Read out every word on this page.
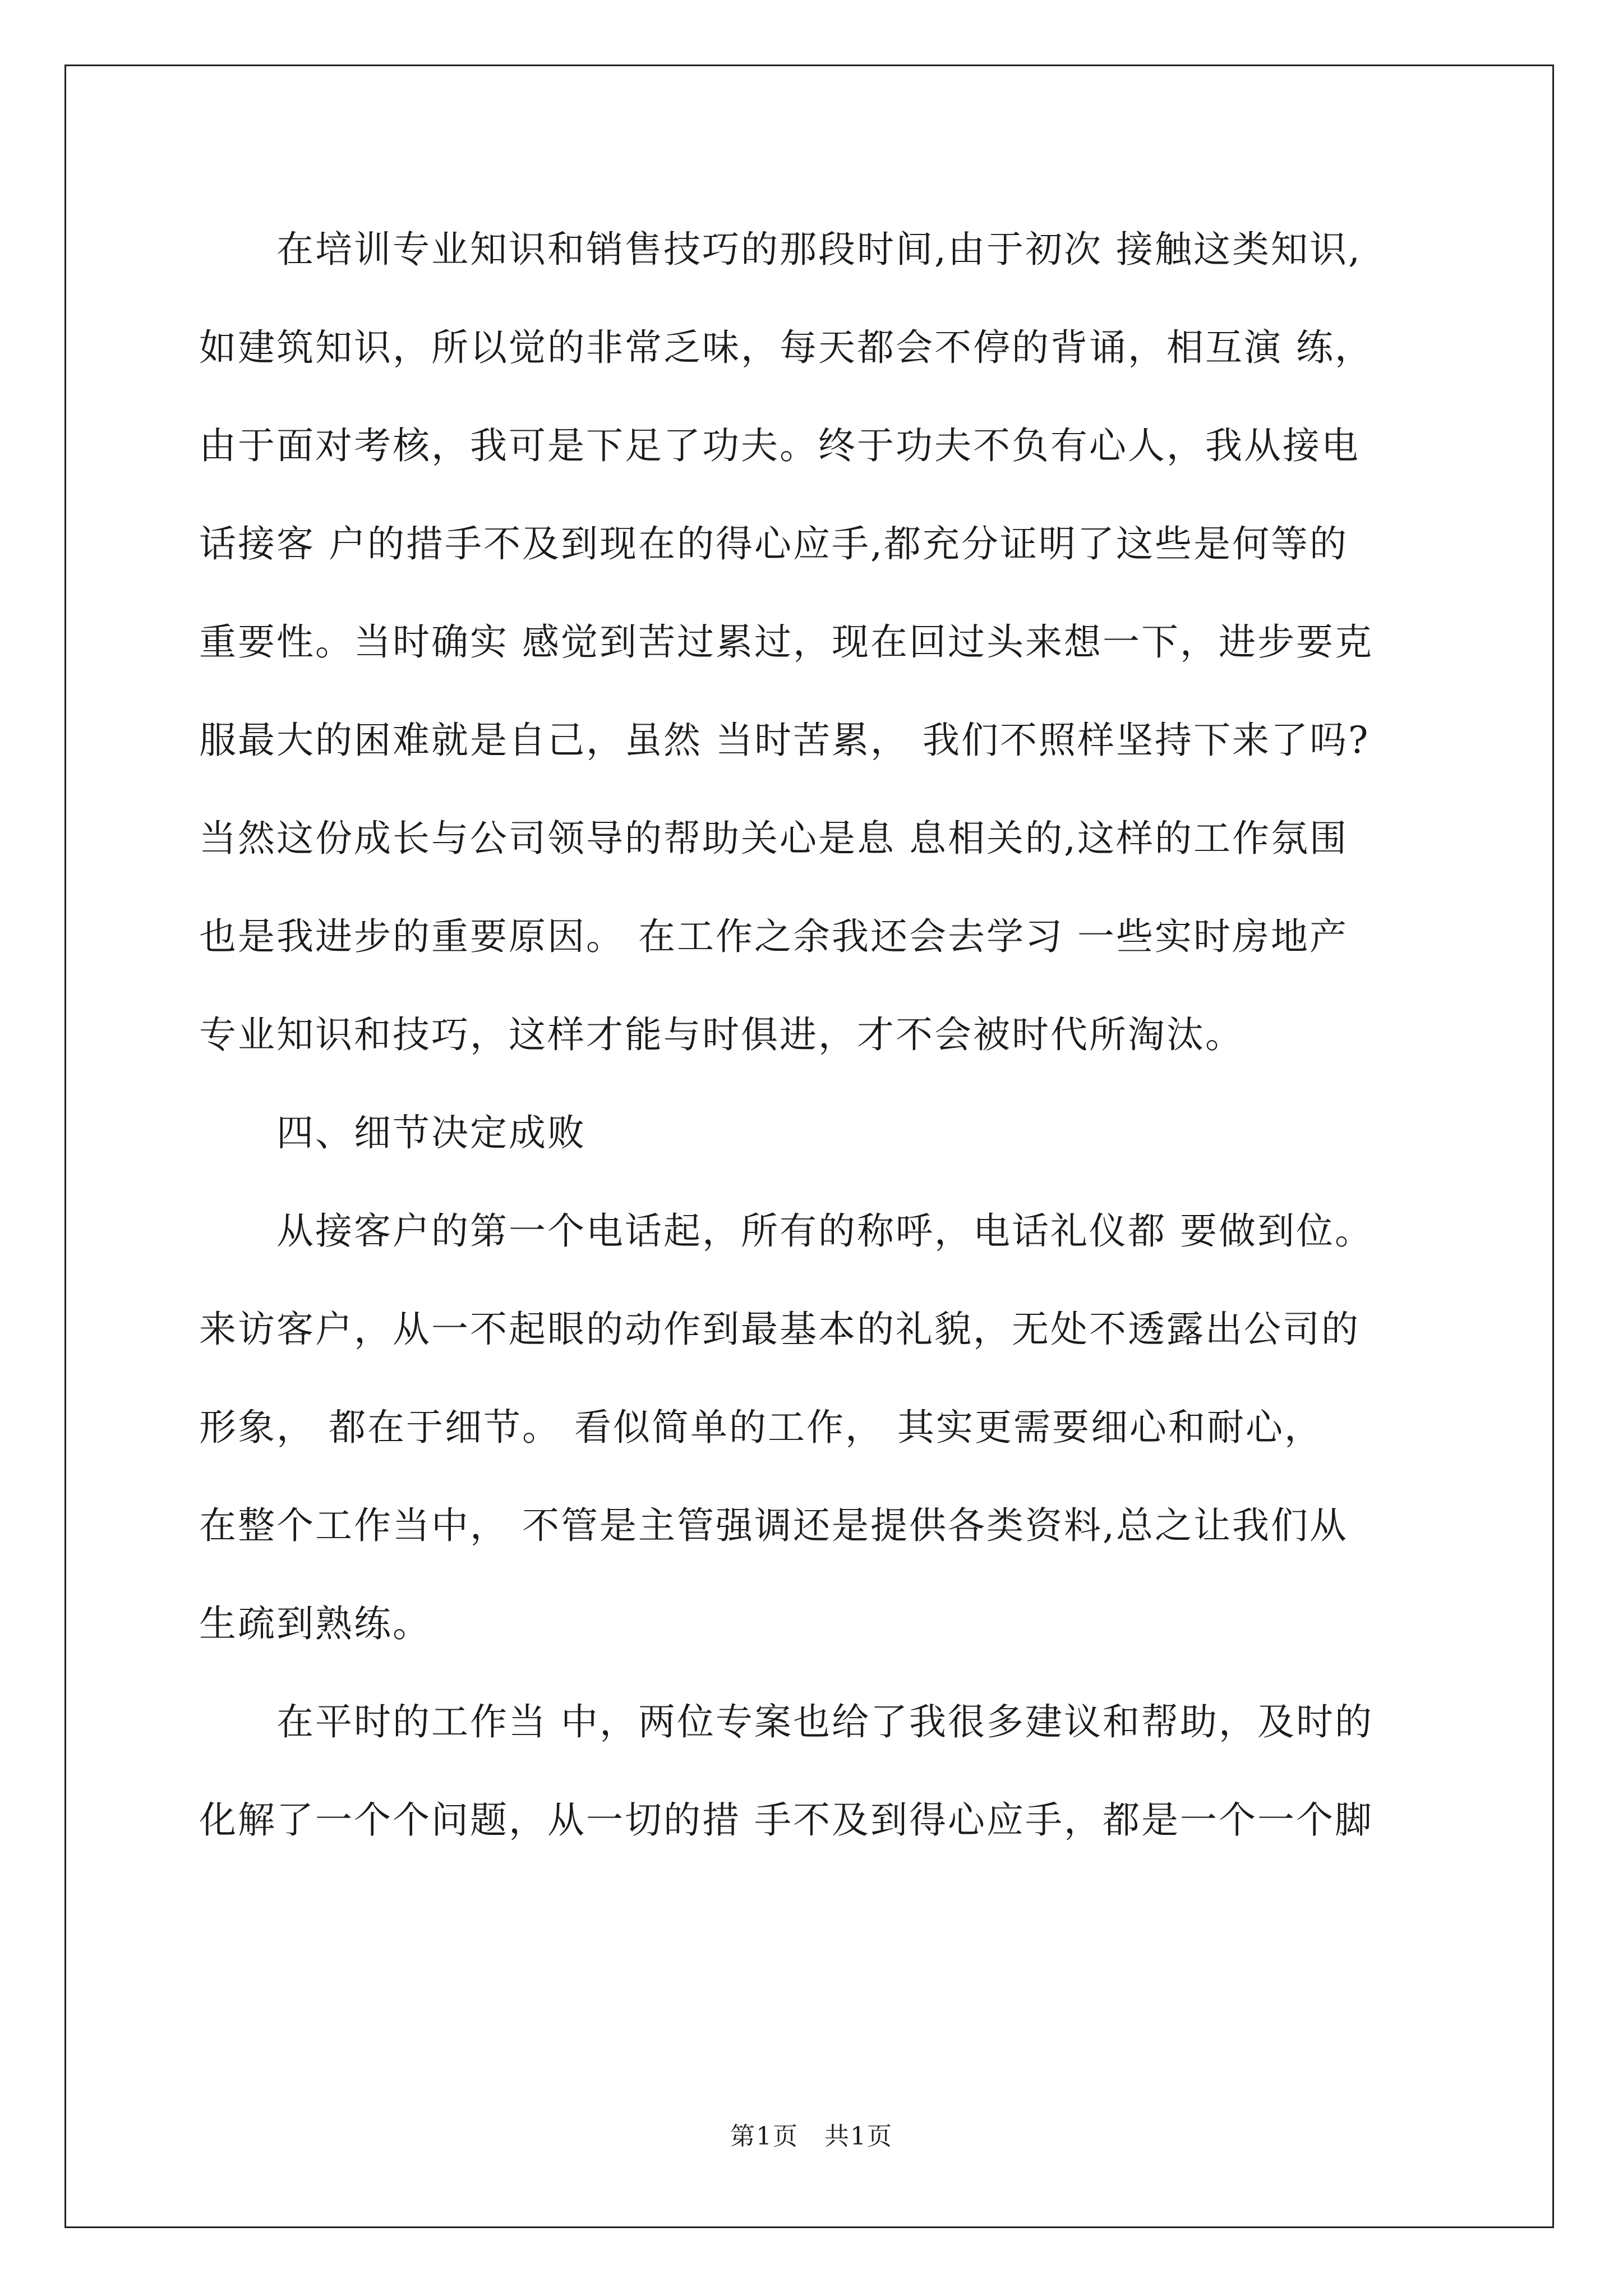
　　在培训专业知识和销售技巧的那段时间,由于初次 接触这类知识,
如建筑知识，所以觉的非常乏味，每天都会不停的背诵，相互演 练，
由于面对考核，我可是下足了功夫。终于功夫不负有心人，我从接电
话接客 户的措手不及到现在的得心应手,都充分证明了这些是何等的
重要性。当时确实 感觉到苦过累过，现在回过头来想一下，进步要克
服最大的困难就是自己，虽然 当时苦累， 我们不照样坚持下来了吗?
当然这份成长与公司领导的帮助关心是息 息相关的,这样的工作氛围
也是我进步的重要原因。 在工作之余我还会去学习 一些实时房地产
专业知识和技巧，这样才能与时俱进，才不会被时代所淘汰。
　　四、细节决定成败
　　从接客户的第一个电话起，所有的称呼，电话礼仪都 要做到位。
来访客户，从一不起眼的动作到最基本的礼貌，无处不透露出公司的
形象， 都在于细节。 看似简单的工作， 其实更需要细心和耐心，
在整个工作当中， 不管是主管强调还是提供各类资料,总之让我们从
生疏到熟练。
　　在平时的工作当 中，两位专案也给了我很多建议和帮助，及时的
化解了一个个问题，从一切的措 手不及到得心应手，都是一个一个脚
第1页　共1页
